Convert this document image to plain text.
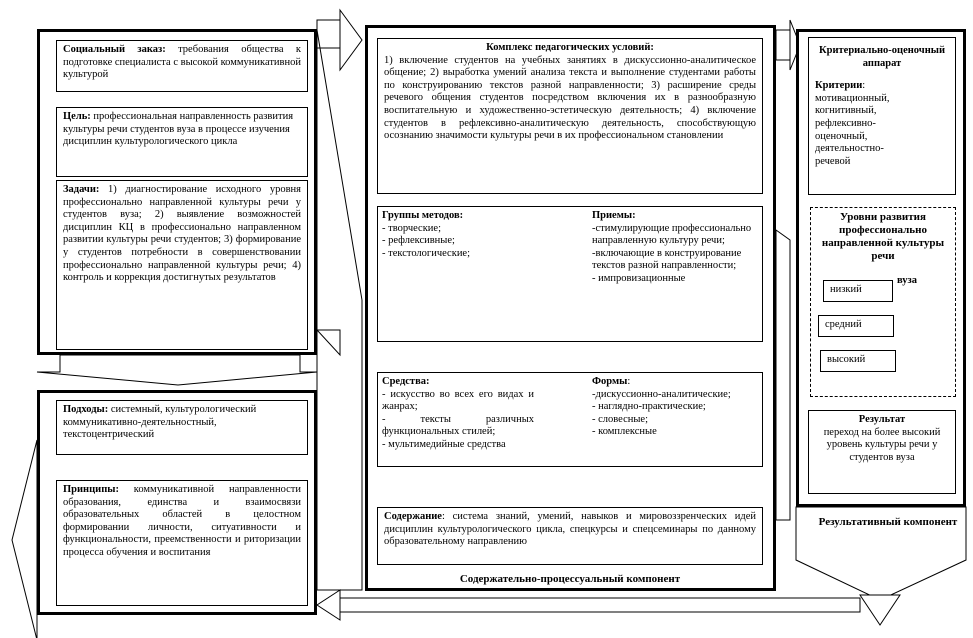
Социальный заказ: требования общества к подготовке специалиста с высокой коммуникативной культурой
Цель: профессиональная направленность развития культуры речи студентов вуза в процессе изучения дисциплин культурологического цикла
Задачи: 1) диагностирование исходного уровня профессионально направленной культуры речи у студентов вуза; 2) выявление возможностей дисциплин КЦ в профессионально направленном развитии культуры речи студентов; 3) формирование у студентов потребности в совершенствовании профессионально направленной культуры речи; 4) контроль и коррекция достигнутых результатов
Подходы: системный, культурологический коммуникативно-деятельностный, текстоцентрический
Принципы: коммуникативной направленности образования, единства и взаимосвязи образовательных областей в целостном формировании личности, ситуативности и функциональности, преемственности и риторизации процесса обучения и воспитания
Комплекс педагогических условий:
1) включение студентов на учебных занятиях в дискуссионно-аналитическое общение; 2) выработка умений анализа текста и выполнение студентами работы по конструированию текстов разной направленности; 3) расширение среды речевого общения студентов посредством включения их в разнообразную воспитательную и художественно-эстетическую деятельность; 4) включение студентов в рефлексивно-аналитическую деятельность, способствующую осознанию значимости культуры речи в их профессиональном становлении
Группы методов:
- творческие;
- рефлексивные;
- текстологические;
Приемы:
-стимулирующие профессионально направленную культуру речи;
-включающие в конструирование текстов разной направленности;
- импровизационные
Средства:
- искусство во всех его видах и жанрах;
- тексты различных функциональных стилей;
- мультимедийные средства
Формы:
-дискуссионно-аналитические;
- наглядно-практические;
- словесные;
- комплексные
Содержание: система знаний, умений, навыков и мировоззренческих идей дисциплин культурологического цикла, спецкурсы и спецсеминары по данному образовательному направлению
Содержательно-процессуальный компонент
Критериально-оценочный аппарат
Критерии:
мотивационный,
когнитивный,
рефлексивно-
оценочный,
деятельностно-
речевой
Уровни развития профессионально направленной культуры речи
вуза
низкий
средний
высокий
Результат
переход на более высокий уровень культуры речи у студентов вуза
Результативный компонент
